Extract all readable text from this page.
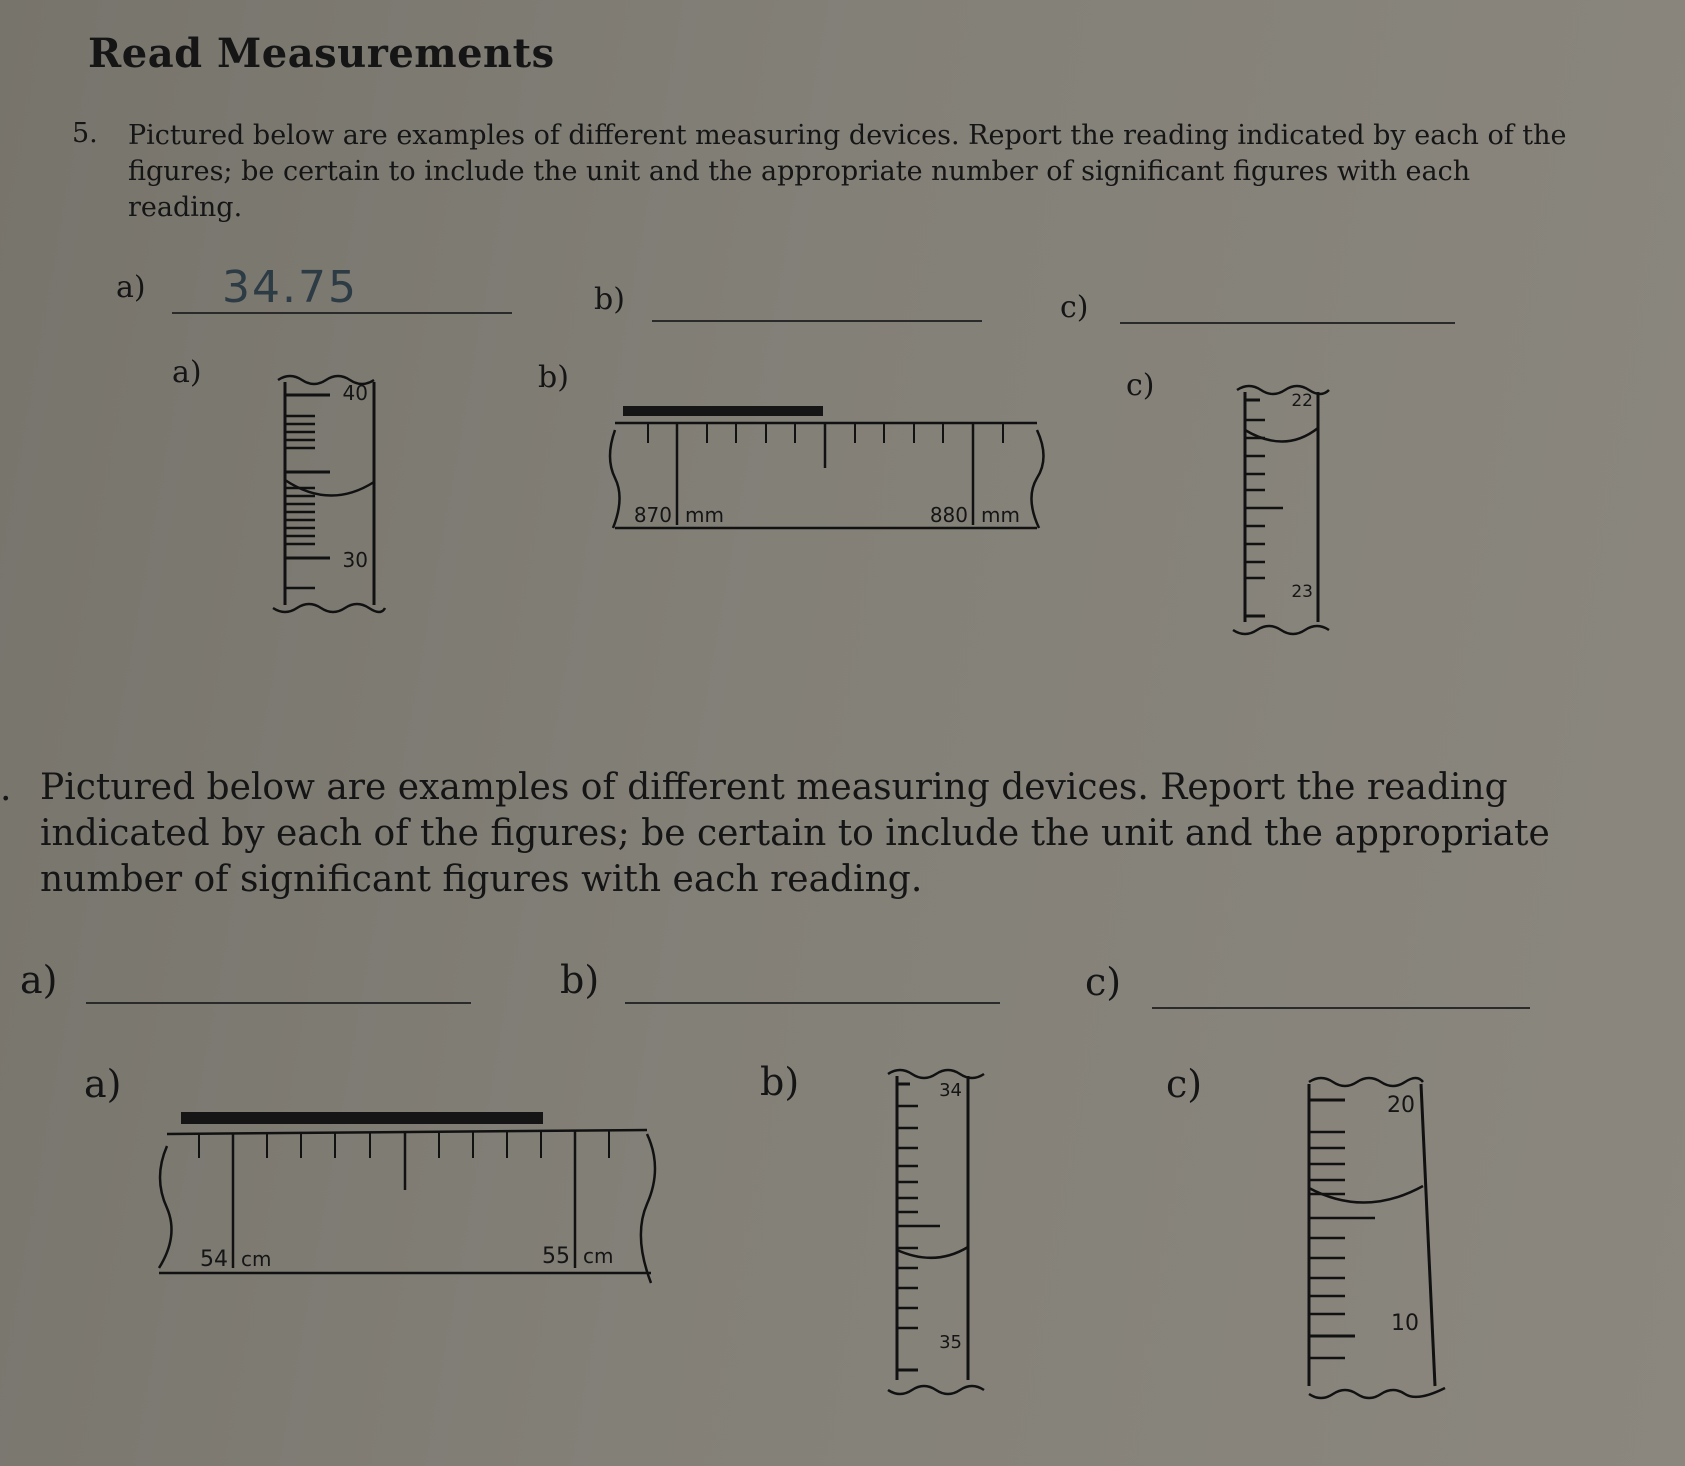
Read Measurements
5. Pictured below are examples of different measuring devices. Report the reading indicated by each of the figures; be certain to include the unit and the appropriate number of significant figures with each reading.
a) 34.75	b)	c)
a)	b)	c)
40
30
870 mm	880 mm
22
23
. Pictured below are examples of different measuring devices. Report the reading indicated by each of the figures; be certain to include the unit and the appropriate number of significant figures with each reading.
a)	b)	c)
a)	b)	c)
54 cm	55 cm
34
35
20
10
